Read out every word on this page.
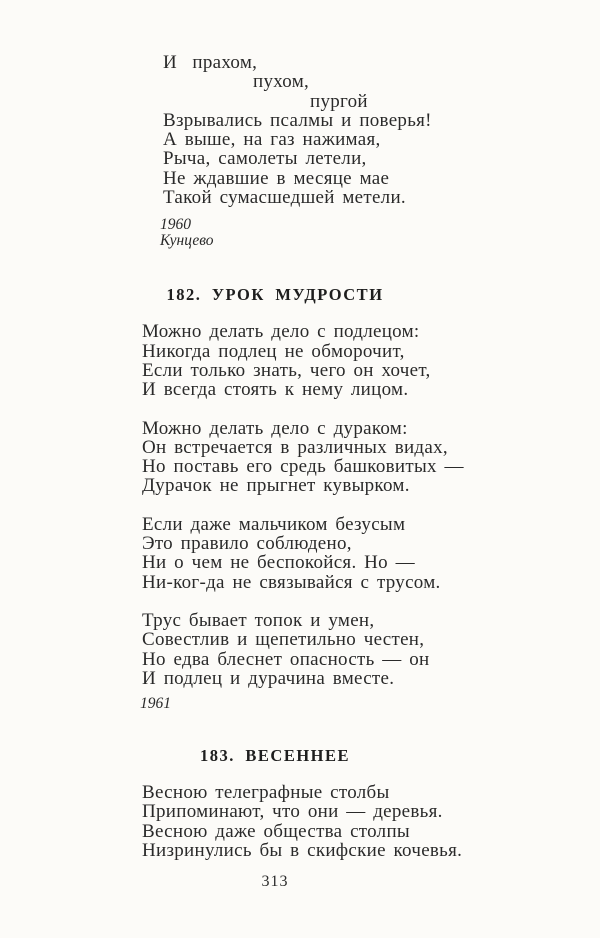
И  прахом,
пухом,
пургой
Взрывались псалмы и поверья!
А выше, на газ нажимая,
Рыча, самолеты летели,
Не ждавшие в месяце мае
Такой сумасшедшей метели.
1960
Кунцево
182. УРОК МУДРОСТИ
Можно делать дело с подлецом:
Никогда подлец не обморочит,
Если только знать, чего он хочет,
И всегда стоять к нему лицом.
Можно делать дело с дураком:
Он встречается в различных видах,
Но поставь его средь башковитых —
Дурачок не прыгнет кувырком.
Если даже мальчиком безусым
Это правило соблюдено,
Ни о чем не беспокойся. Но —
Ни-ког-да не связывайся с трусом.
Трус бывает топок и умен,
Совестлив и щепетильно честен,
Но едва блеснет опасность — он
И подлец и дурачина вместе.
1961
183. ВЕСЕННЕЕ
Весною телеграфные столбы
Припоминают, что они — деревья.
Весною даже общества столпы
Низринулись бы в скифские кочевья.
313
